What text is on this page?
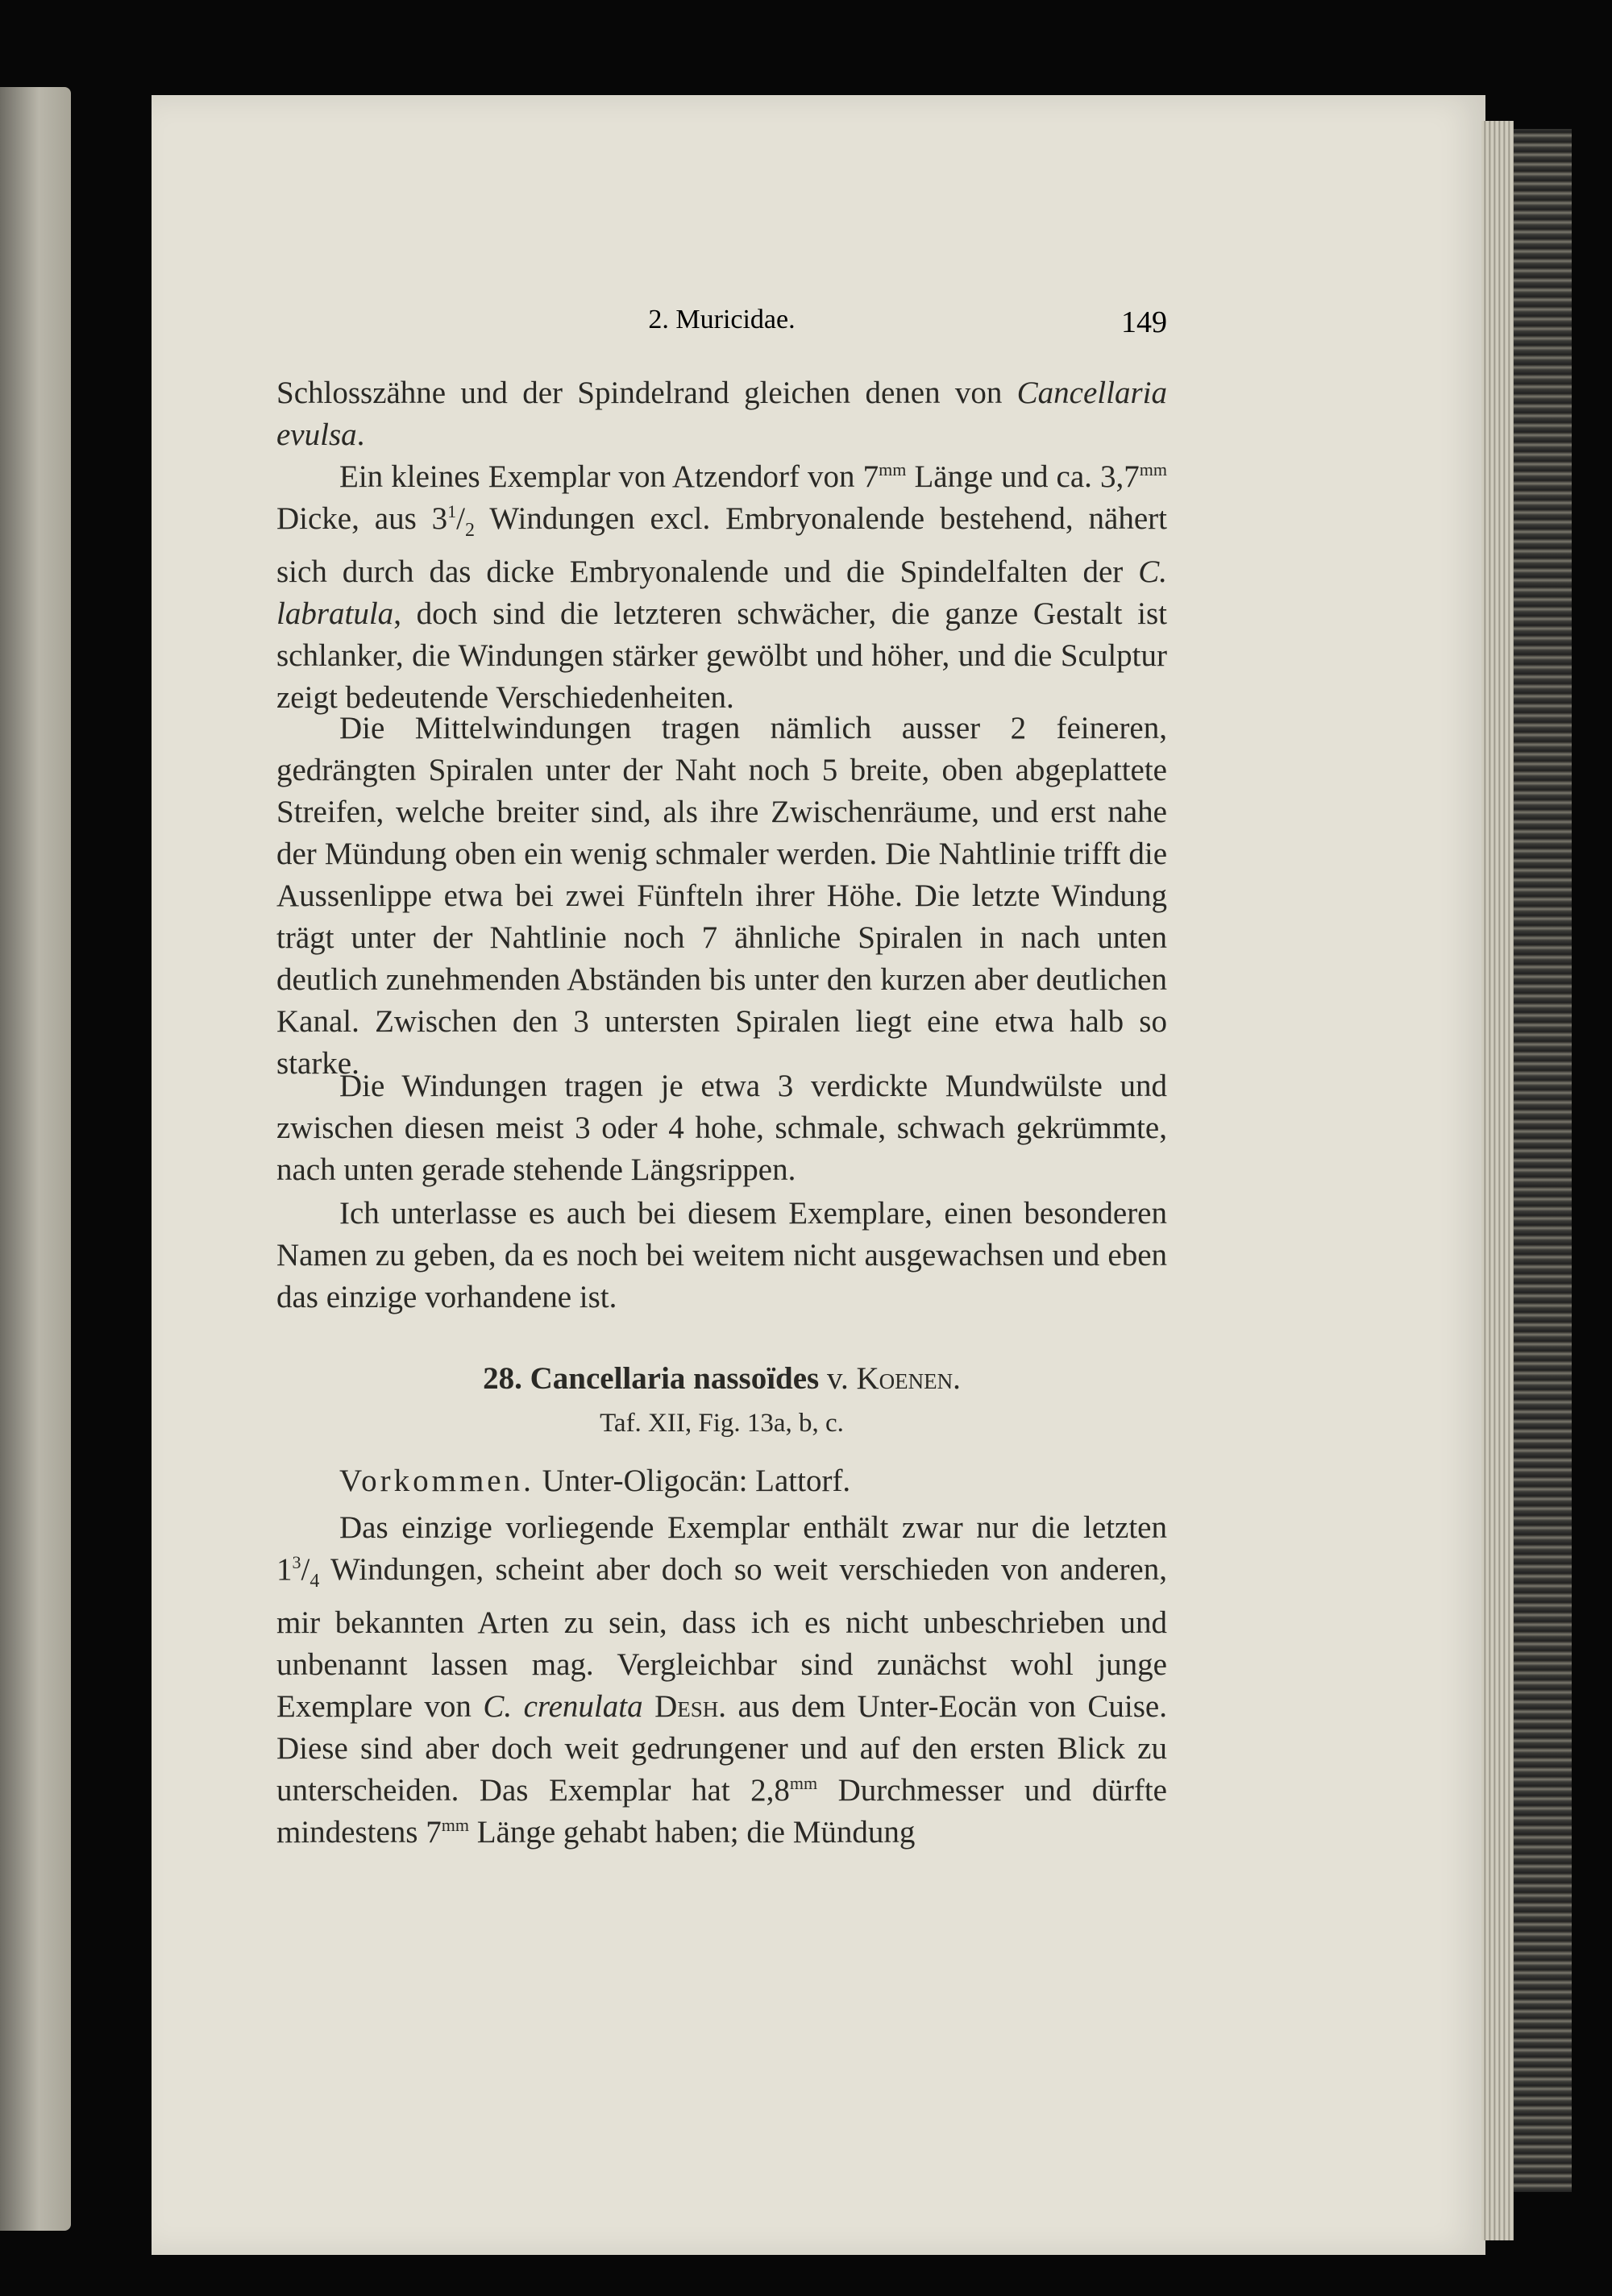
2. Muricidae.	149

Schlosszähne und der Spindelrand gleichen denen von Cancellaria evulsa.

Ein kleines Exemplar von Atzendorf von $7^{mm}$ Länge und ca. $3,7^{mm}$ Dicke, aus $3^1/_2$ Windungen excl. Embryonalende bestehend, nähert sich durch das dicke Embryonalende und die Spindelfalten der C. labratula, doch sind die letzteren schwächer, die ganze Gestalt ist schlanker, die Windungen stärker gewölbt und höher, und die Sculptur zeigt bedeutende Verschiedenheiten.

Die Mittelwindungen tragen nämlich ausser 2 feineren, gedrängten Spiralen unter der Naht noch 5 breite, oben abgeplattete Streifen, welche breiter sind, als ihre Zwischenräume, und erst nahe der Mündung oben ein wenig schmaler werden. Die Nahtlinie trifft die Aussenlippe etwa bei zwei Fünfteln ihrer Höhe. Die letzte Windung trägt unter der Nahtlinie noch 7 ähnliche Spiralen in nach unten deutlich zunehmenden Abständen bis unter den kurzen aber deutlichen Kanal. Zwischen den 3 untersten Spiralen liegt eine etwa halb so starke.

Die Windungen tragen je etwa 3 verdickte Mundwülste und zwischen diesen meist 3 oder 4 hohe, schmale, schwach gekrümmte, nach unten gerade stehende Längsrippen.

Ich unterlasse es auch bei diesem Exemplare, einen besonderen Namen zu geben, da es noch bei weitem nicht ausgewachsen und eben das einzige vorhandene ist.

28. Cancellaria nassoïdes v. Koenen.
Taf. XII, Fig. 13a, b, c.

Vorkommen. Unter-Oligocän: Lattorf.

Das einzige vorliegende Exemplar enthält zwar nur die letzten $1^3/_4$ Windungen, scheint aber doch so weit verschieden von anderen, mir bekannten Arten zu sein, dass ich es nicht unbeschrieben und unbenannt lassen mag. Vergleichbar sind zunächst wohl junge Exemplare von C. crenulata Desh. aus dem Unter-Eocän von Cuise. Diese sind aber doch weit gedrungener und auf den ersten Blick zu unterscheiden. Das Exemplar hat $2,8^{mm}$ Durchmesser und dürfte mindestens $7^{mm}$ Länge gehabt haben; die Mündung
